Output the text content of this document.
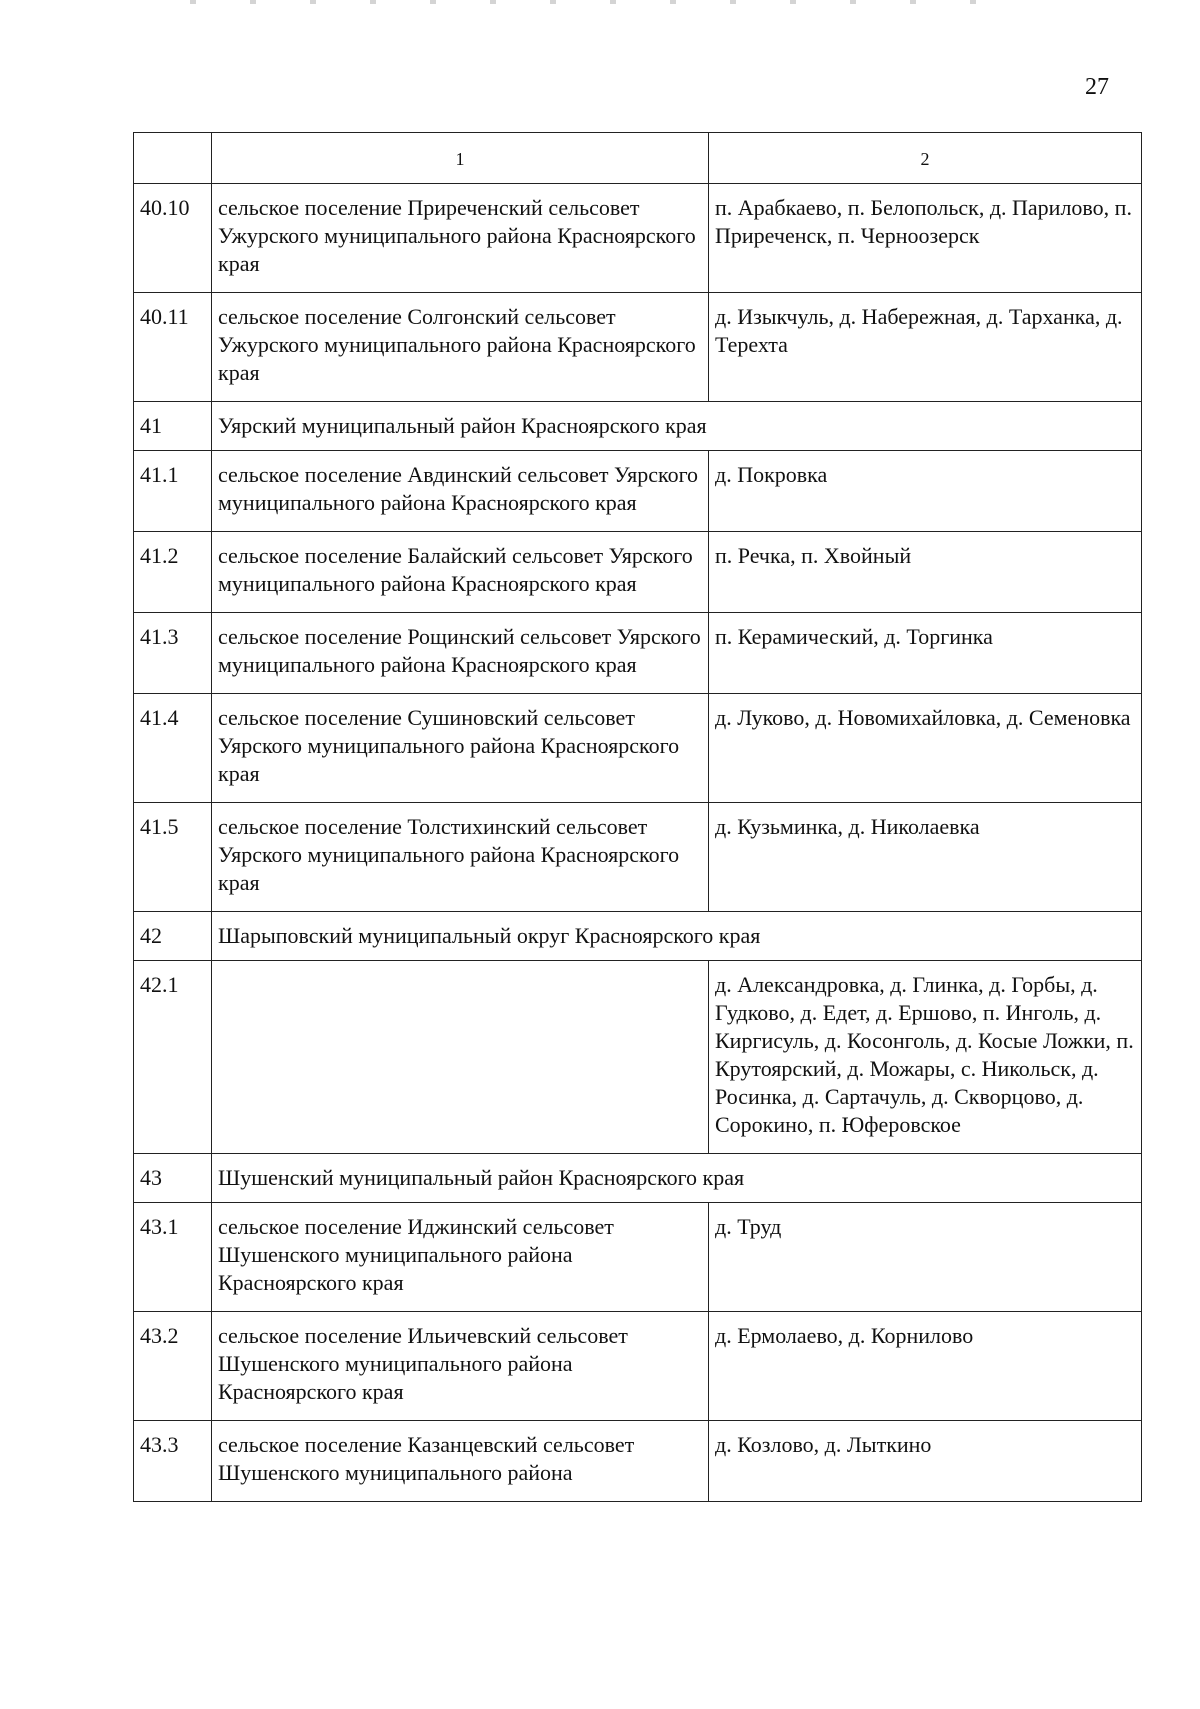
27
	1	2
40.10	сельское поселение Приреченский сельсовет Ужурского муниципального района Красноярского края	п. Арабкаево, п. Белопольск, д. Парилово, п. Приреченск, п. Черноозерск
40.11	сельское поселение Солгонский сельсовет Ужурского муниципального района Красноярского края	д. Изыкчуль, д. Набережная, д. Тарханка, д. Терехта
41	Уярский муниципальный район Красноярского края	
41.1	сельское поселение Авдинский сельсовет Уярского муниципального района Красноярского края	д. Покровка
41.2	сельское поселение Балайский сельсовет Уярского муниципального района Красноярского края	п. Речка, п. Хвойный
41.3	сельское поселение Рощинский сельсовет Уярского муниципального района Красноярского края	п. Керамический, д. Торгинка
41.4	сельское поселение Сушиновский сельсовет Уярского муниципального района Красноярского края	д. Луково, д. Новомихайловка, д. Семеновка
41.5	сельское поселение Толстихинский сельсовет Уярского муниципального района Красноярского края	д. Кузьминка, д. Николаевка
42	Шарыповский муниципальный округ Красноярского края	
42.1		д. Александровка, д. Глинка, д. Горбы, д. Гудково, д. Едет, д. Ершово, п. Инголь, д. Киргисуль, д. Косонголь, д. Косые Ложки, п. Крутоярский, д. Можары, с. Никольск, д. Росинка, д. Сартачуль, д. Скворцово, д. Сорокино, п. Юферовское
43	Шушенский муниципальный район Красноярского края	
43.1	сельское поселение Иджинский сельсовет Шушенского муниципального района Красноярского края	д. Труд
43.2	сельское поселение Ильичевский сельсовет Шушенского муниципального района Красноярского края	д. Ермолаево, д. Корнилово
43.3	сельское поселение Казанцевский сельсовет Шушенского муниципального района	д. Козлово, д. Лыткино
